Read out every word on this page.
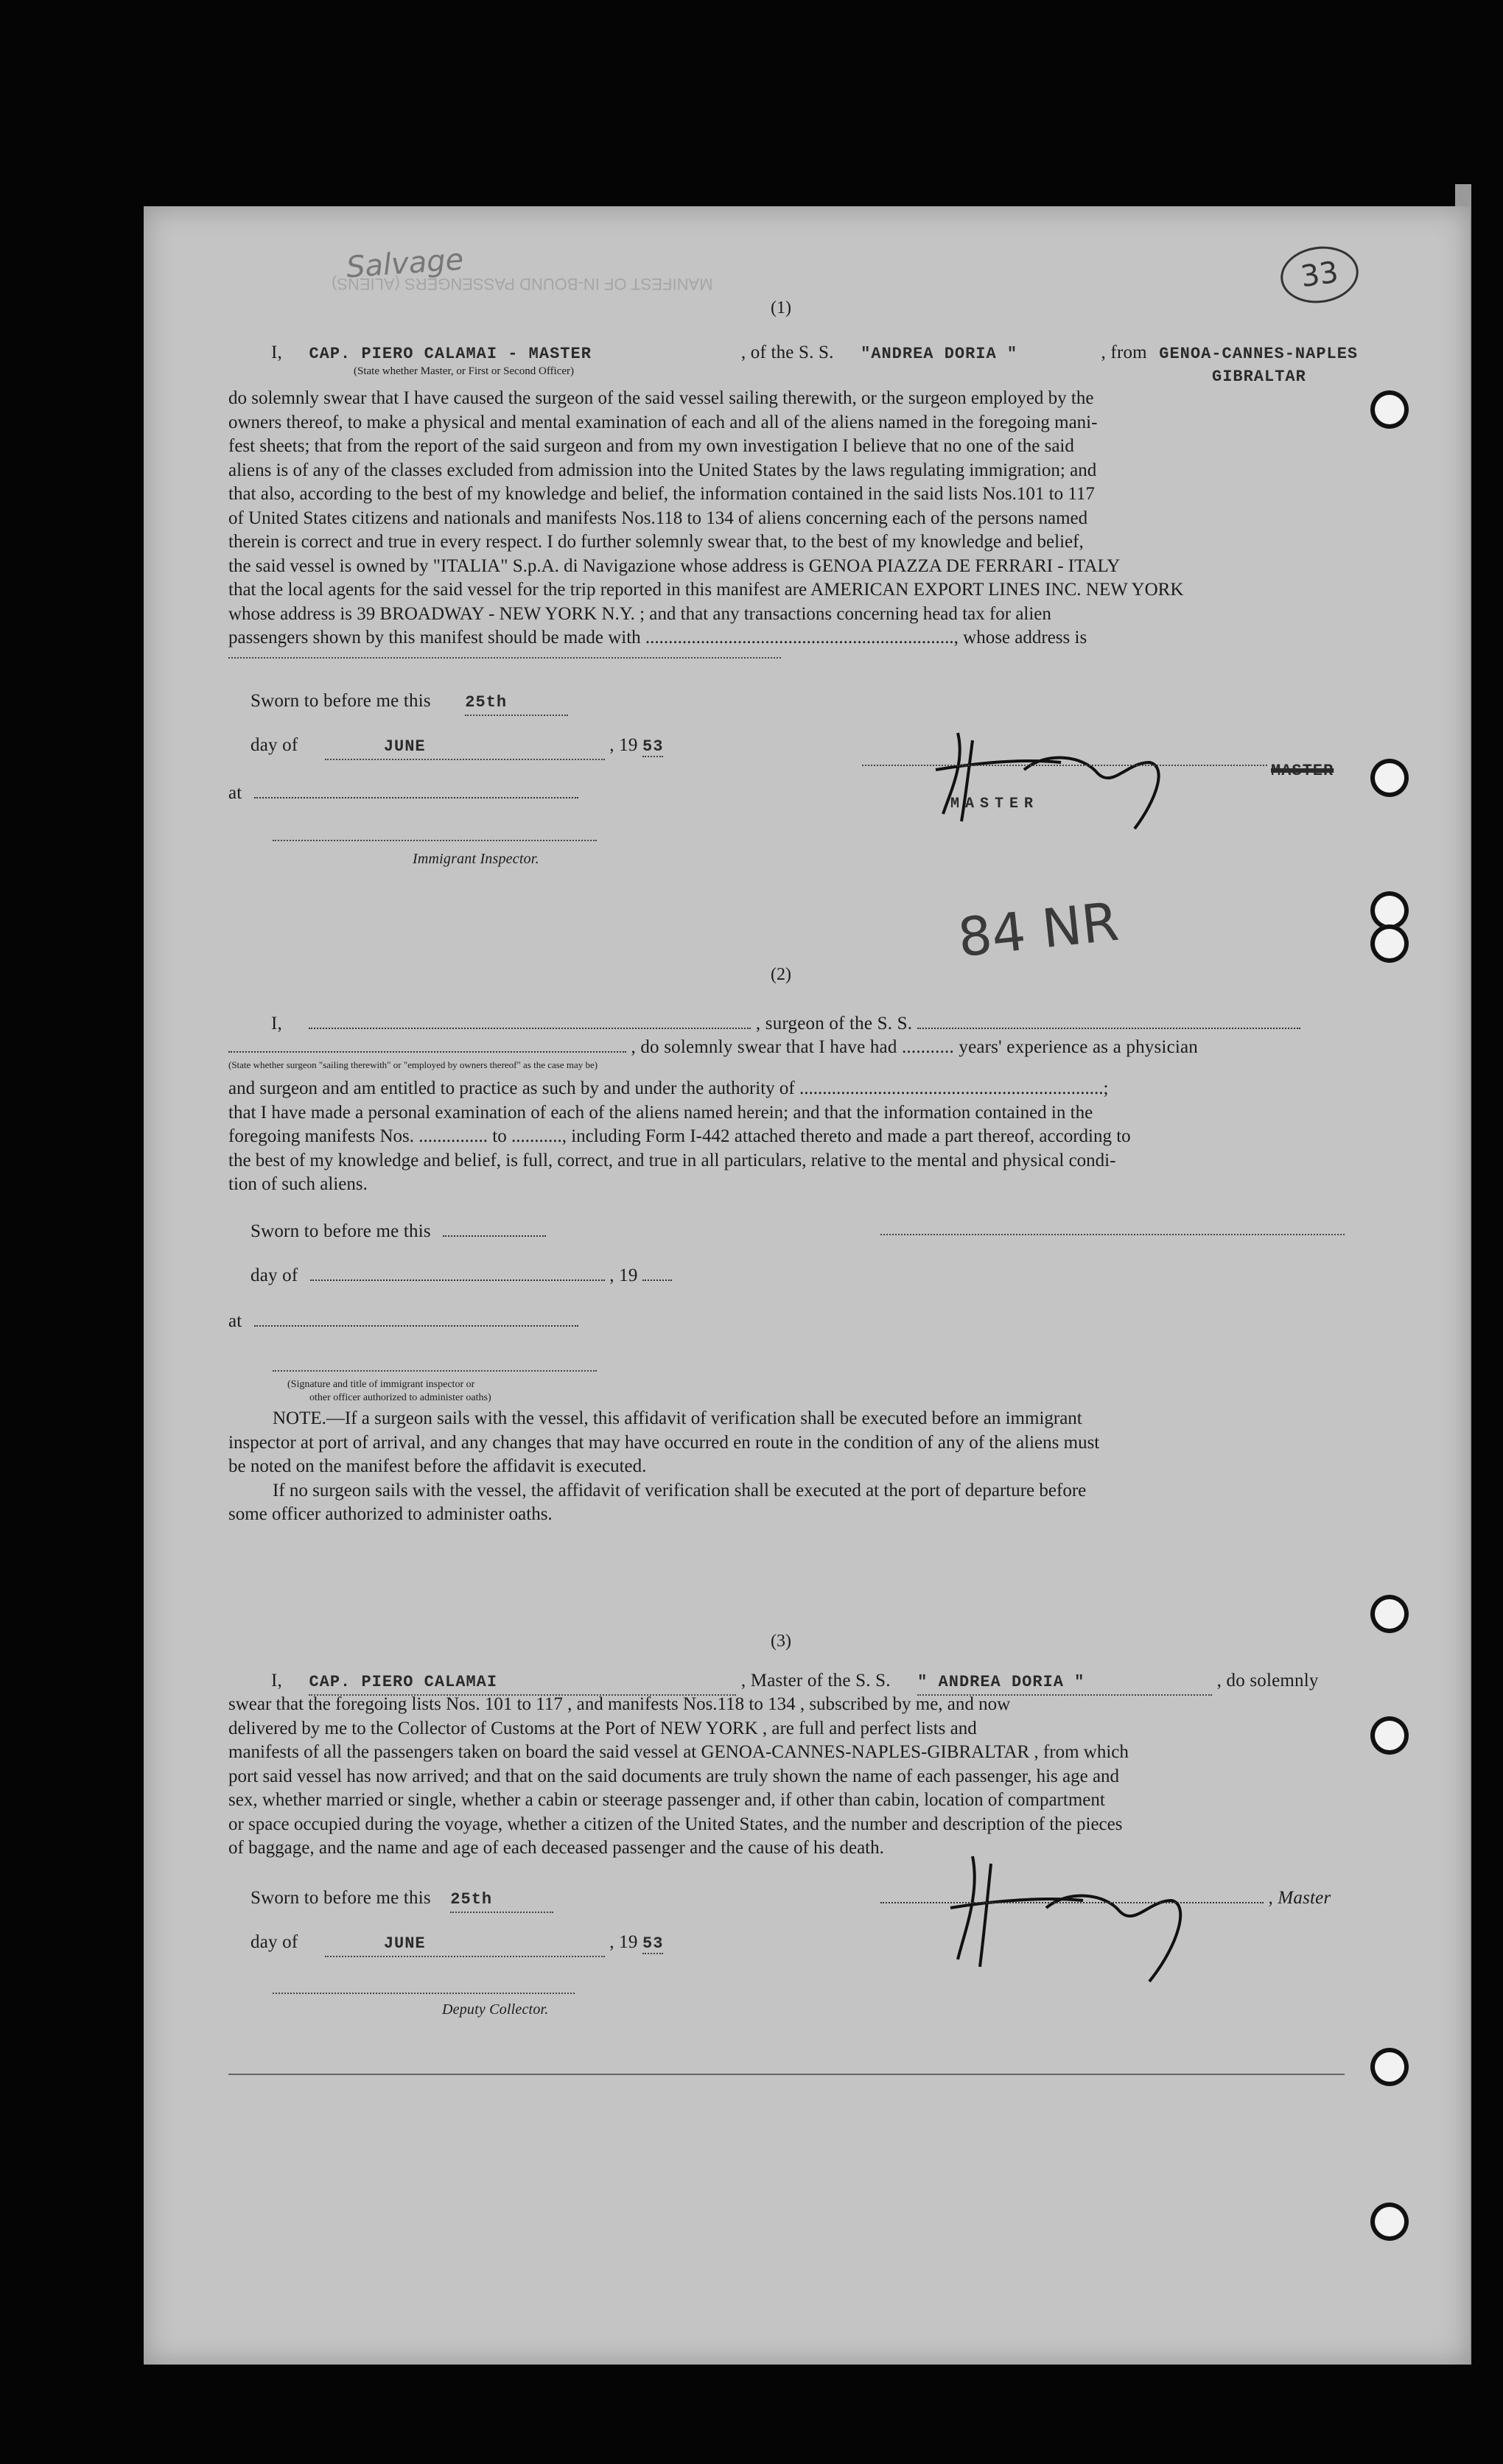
MANIFEST OF IN-BOUND PASSENGERS (ALIENS)
Salvage	33
(1)
I, CAP. PIERO CALAMAI - MASTER	, of the S. S. "ANDREA DORIA "	, from GENOA-CANNES-NAPLES
(State whether Master, or First or Second Officer)	GIBRALTAR
do solemnly swear that I have caused the surgeon of the said vessel sailing therewith, or the surgeon employed by the
owners thereof, to make a physical and mental examination of each and all of the aliens named in the foregoing mani-
fest sheets; that from the report of the said surgeon and from my own investigation I believe that no one of the said
aliens is of any of the classes excluded from admission into the United States by the laws regulating immigration; and
that also, according to the best of my knowledge and belief, the information contained in the said lists Nos.101 to 117
of United States citizens and nationals and manifests Nos.118 to 134 of aliens concerning each of the persons named
therein is correct and true in every respect. I do further solemnly swear that, to the best of my knowledge and belief,
the said vessel is owned by "ITALIA" S.p.A. di Navigazione whose address is GENOA PIAZZA DE FERRARI - ITALY
that the local agents for the said vessel for the trip reported in this manifest are AMERICAN EXPORT LINES INC. NEW YORK
whose address is 39 BROADWAY - NEW YORK N.Y. ; and that any transactions concerning head tax for alien
passengers shown by this manifest should be made with ..................................................................., whose address is
Sworn to before me this 25th
day of	JUNE	, 19 53
at
Immigrant Inspector.
MASTER
MASTER
84 NR
(2)
I,	, surgeon of the S. S.
, do solemnly swear that I have had ........... years' experience as a physician
(State whether surgeon "sailing therewith" or "employed by owners thereof" as the case may be)
and surgeon and am entitled to practice as such by and under the authority of ..................................................................;
that I have made a personal examination of each of the aliens named herein; and that the information contained in the
foregoing manifests Nos. ............... to ..........., including Form I-442 attached thereto and made a part thereof, according to
the best of my knowledge and belief, is full, correct, and true in all particulars, relative to the mental and physical condi-
tion of such aliens.
Sworn to before me this
day of	, 19
at
(Signature and title of immigrant inspector or
other officer authorized to administer oaths)
NOTE.—If a surgeon sails with the vessel, this affidavit of verification shall be executed before an immigrant
inspector at port of arrival, and any changes that may have occurred en route in the condition of any of the aliens must
be noted on the manifest before the affidavit is executed.
If no surgeon sails with the vessel, the affidavit of verification shall be executed at the port of departure before
some officer authorized to administer oaths.
(3)
I, CAP. PIERO CALAMAI	, Master of the S. S. " ANDREA DORIA "	, do solemnly
swear that the foregoing lists Nos. 101 to 117 , and manifests Nos.118 to 134 , subscribed by me, and now
delivered by me to the Collector of Customs at the Port of NEW YORK , are full and perfect lists and
manifests of all the passengers taken on board the said vessel at GENOA-CANNES-NAPLES-GIBRALTAR , from which
port said vessel has now arrived; and that on the said documents are truly shown the name of each passenger, his age and
sex, whether married or single, whether a cabin or steerage passenger and, if other than cabin, location of compartment
or space occupied during the voyage, whether a citizen of the United States, and the number and description of the pieces
of baggage, and the name and age of each deceased passenger and the cause of his death.
Sworn to before me this 25th
day of	JUNE	, 19 53
, Master
Deputy Collector.
